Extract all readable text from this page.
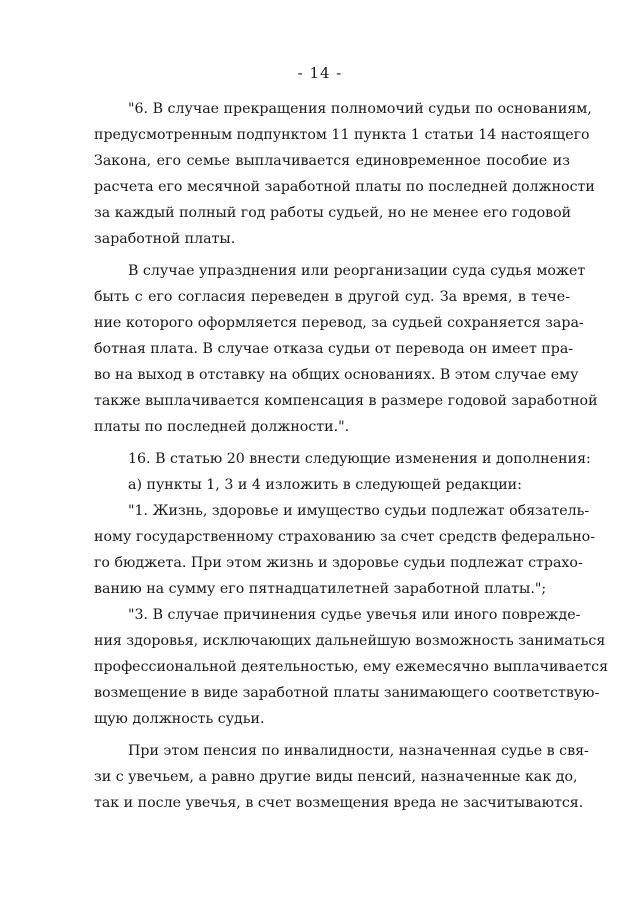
- 14 -
"6. В случае прекращения полномочий судьи по основаниям,
предусмотренным подпунктом 11 пункта 1 статьи 14 настоящего
Закона, его семье выплачивается единовременное пособие из
расчета его месячной заработной платы по последней должности
за каждый полный год работы судьей, но не менее его годовой
заработной платы.
В случае упразднения или реорганизации суда судья может
быть с его согласия переведен в другой суд. За время, в тече-
ние которого оформляется перевод, за судьей сохраняется зара-
ботная плата. В случае отказа судьи от перевода он имеет пра-
во на выход в отставку на общих основаниях. В этом случае ему
также выплачивается компенсация в размере годовой заработной
платы по последней должности.".
16. В статью 20 внести следующие изменения и дополнения:
а) пункты 1, 3 и 4 изложить в следующей редакции:
"1. Жизнь, здоровье и имущество судьи подлежат обязатель-
ному государственному страхованию за счет средств федерально-
го бюджета. При этом жизнь и здоровье судьи подлежат страхо-
ванию на сумму его пятнадцатилетней заработной платы.";
"3. В случае причинения судье увечья или иного поврежде-
ния здоровья, исключающих дальнейшую возможность заниматься
профессиональной деятельностью, ему ежемесячно выплачивается
возмещение в виде заработной платы занимающего соответствую-
щую должность судьи.
При этом пенсия по инвалидности, назначенная судье в свя-
зи с увечьем, а равно другие виды пенсий, назначенные как до,
так и после увечья, в счет возмещения вреда не засчитываются.
